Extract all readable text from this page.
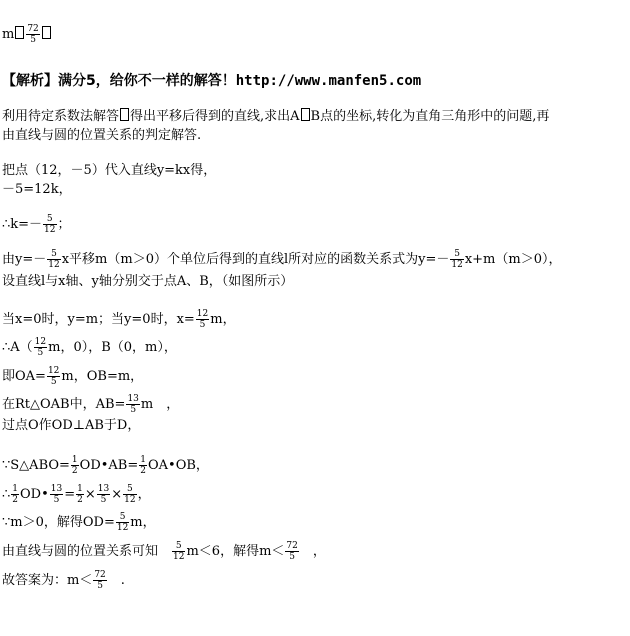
m $\frac{72}{5}$
【解析】满分5，给你不一样的解答！http://www.manfen5.com
利用待定系数法解答 得出平移后得到的直线,求出A B点的坐标,转化为直角三角形中的问题,再
由直线与圆的位置关系的判定解答.
把点（12，－5）代入直线y=kx得，
－5=12k，
∴k=－ $\frac{5}{12}$ ；
由$y=- \frac{5}{12}$ x平移m（m＞0）个单位后得到的直线l所对应的函数关系式为$y=- \frac{5}{12} x+m(m>0)$，
设直线l与x轴、y轴分别交于点A、B，（如图所示）
当x=0时，y=m；当y=0时，$x= \frac{12}{5}$ m，
∴A（ $\frac{12}{5}$ m，0），B（0，m），
即$OA= \frac{12}{5}$ m，OB=m，
在Rt△OAB中，$AB= \frac{13}{5}$ m　，
过点O作OD⊥AB于D，
∵S△ABO= $\frac{1}{2}$ OD•AB= $\frac{1}{2}$ OA•OB，
∴ $\frac{1}{2}$ OD• $\frac{13}{5} = \frac{1}{2} \times \frac{13}{5} \times \frac{5}{12}$ ，
∵m＞0，解得$OD= \frac{5}{12}$ m，
由直线与圆的位置关系可知　 $\frac{5}{12} m<6$，解得$m< \frac{72}{5}$ 　，
故答案为：$m< \frac{72}{5}$ 　.
